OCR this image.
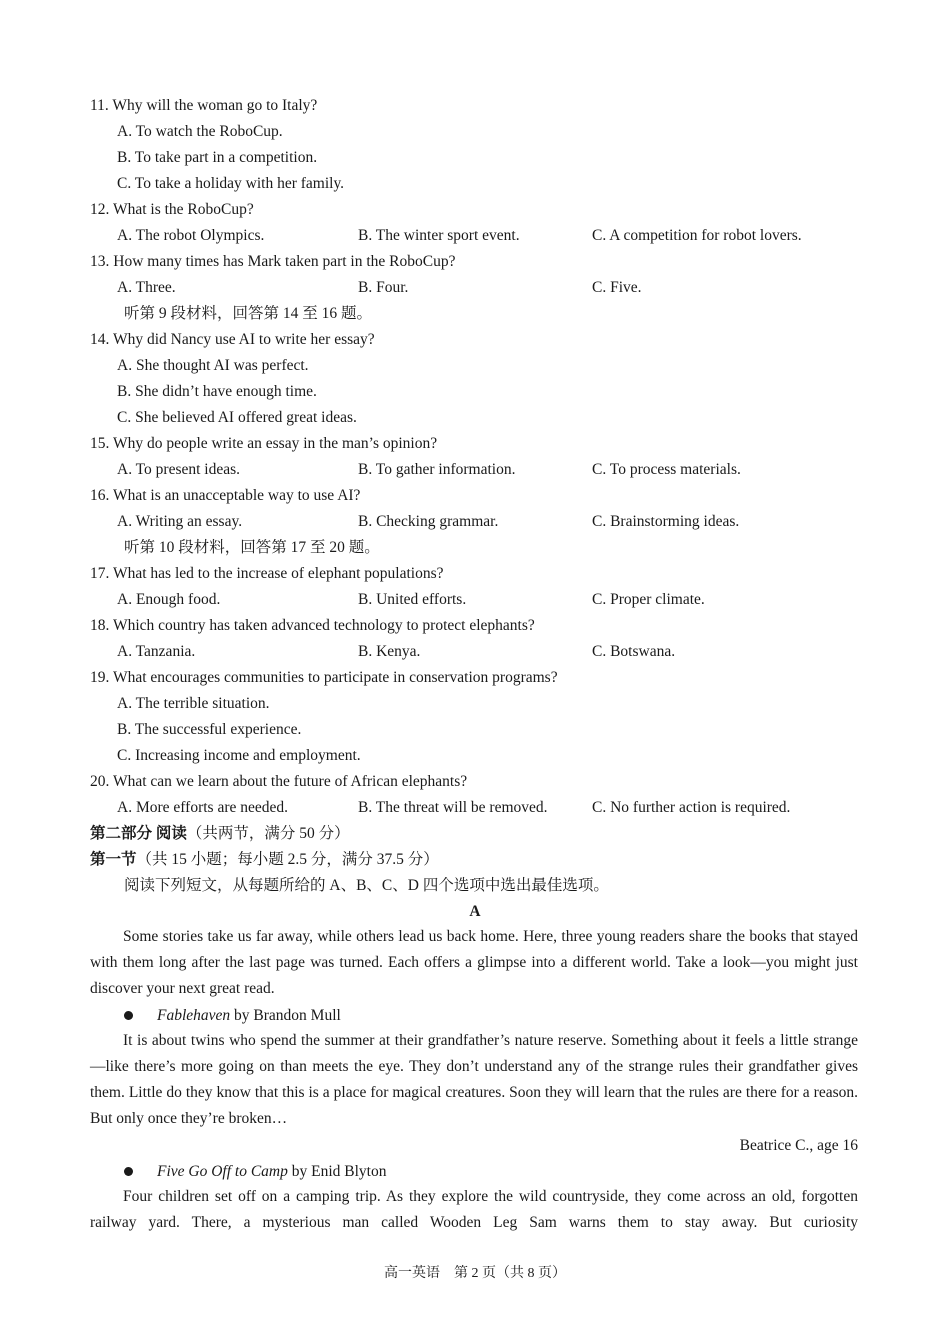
11. Why will the woman go to Italy?
A. To watch the RoboCup.
B. To take part in a competition.
C. To take a holiday with her family.
12. What is the RoboCup?
A. The robot Olympics.	B. The winter sport event.	C. A competition for robot lovers.
13. How many times has Mark taken part in the RoboCup?
A. Three.	B. Four.	C. Five.
听第 9 段材料，回答第 14 至 16 题。
14. Why did Nancy use AI to write her essay?
A. She thought AI was perfect.
B. She didn’t have enough time.
C. She believed AI offered great ideas.
15. Why do people write an essay in the man’s opinion?
A. To present ideas.	B. To gather information.	C. To process materials.
16. What is an unacceptable way to use AI?
A. Writing an essay.	B. Checking grammar.	C. Brainstorming ideas.
听第 10 段材料，回答第 17 至 20 题。
17. What has led to the increase of elephant populations?
A. Enough food.	B. United efforts.	C. Proper climate.
18. Which country has taken advanced technology to protect elephants?
A. Tanzania.	B. Kenya.	C. Botswana.
19. What encourages communities to participate in conservation programs?
A. The terrible situation.
B. The successful experience.
C. Increasing income and employment.
20. What can we learn about the future of African elephants?
A. More efforts are needed.	B. The threat will be removed.	C. No further action is required.
第二部分 阅读（共两节，满分 50 分）
第一节（共 15 小题；每小题 2.5 分，满分 37.5 分）
阅读下列短文，从每题所给的 A、B、C、D 四个选项中选出最佳选项。
A
Some stories take us far away, while others lead us back home. Here, three young readers share the books that stayed with them long after the last page was turned. Each offers a glimpse into a different world. Take a look—you might just discover your next great read.
Fablehaven by Brandon Mull
It is about twins who spend the summer at their grandfather’s nature reserve. Something about it feels a little strange—like there’s more going on than meets the eye. They don’t understand any of the strange rules their grandfather gives them. Little do they know that this is a place for magical creatures. Soon they will learn that the rules are there for a reason. But only once they’re broken…
Beatrice C., age 16
Five Go Off to Camp by Enid Blyton
Four children set off on a camping trip. As they explore the wild countryside, they come across an old, forgotten railway yard. There, a mysterious man called Wooden Leg Sam warns them to stay away. But curiosity
高一英语　第 2 页（共 8 页）
